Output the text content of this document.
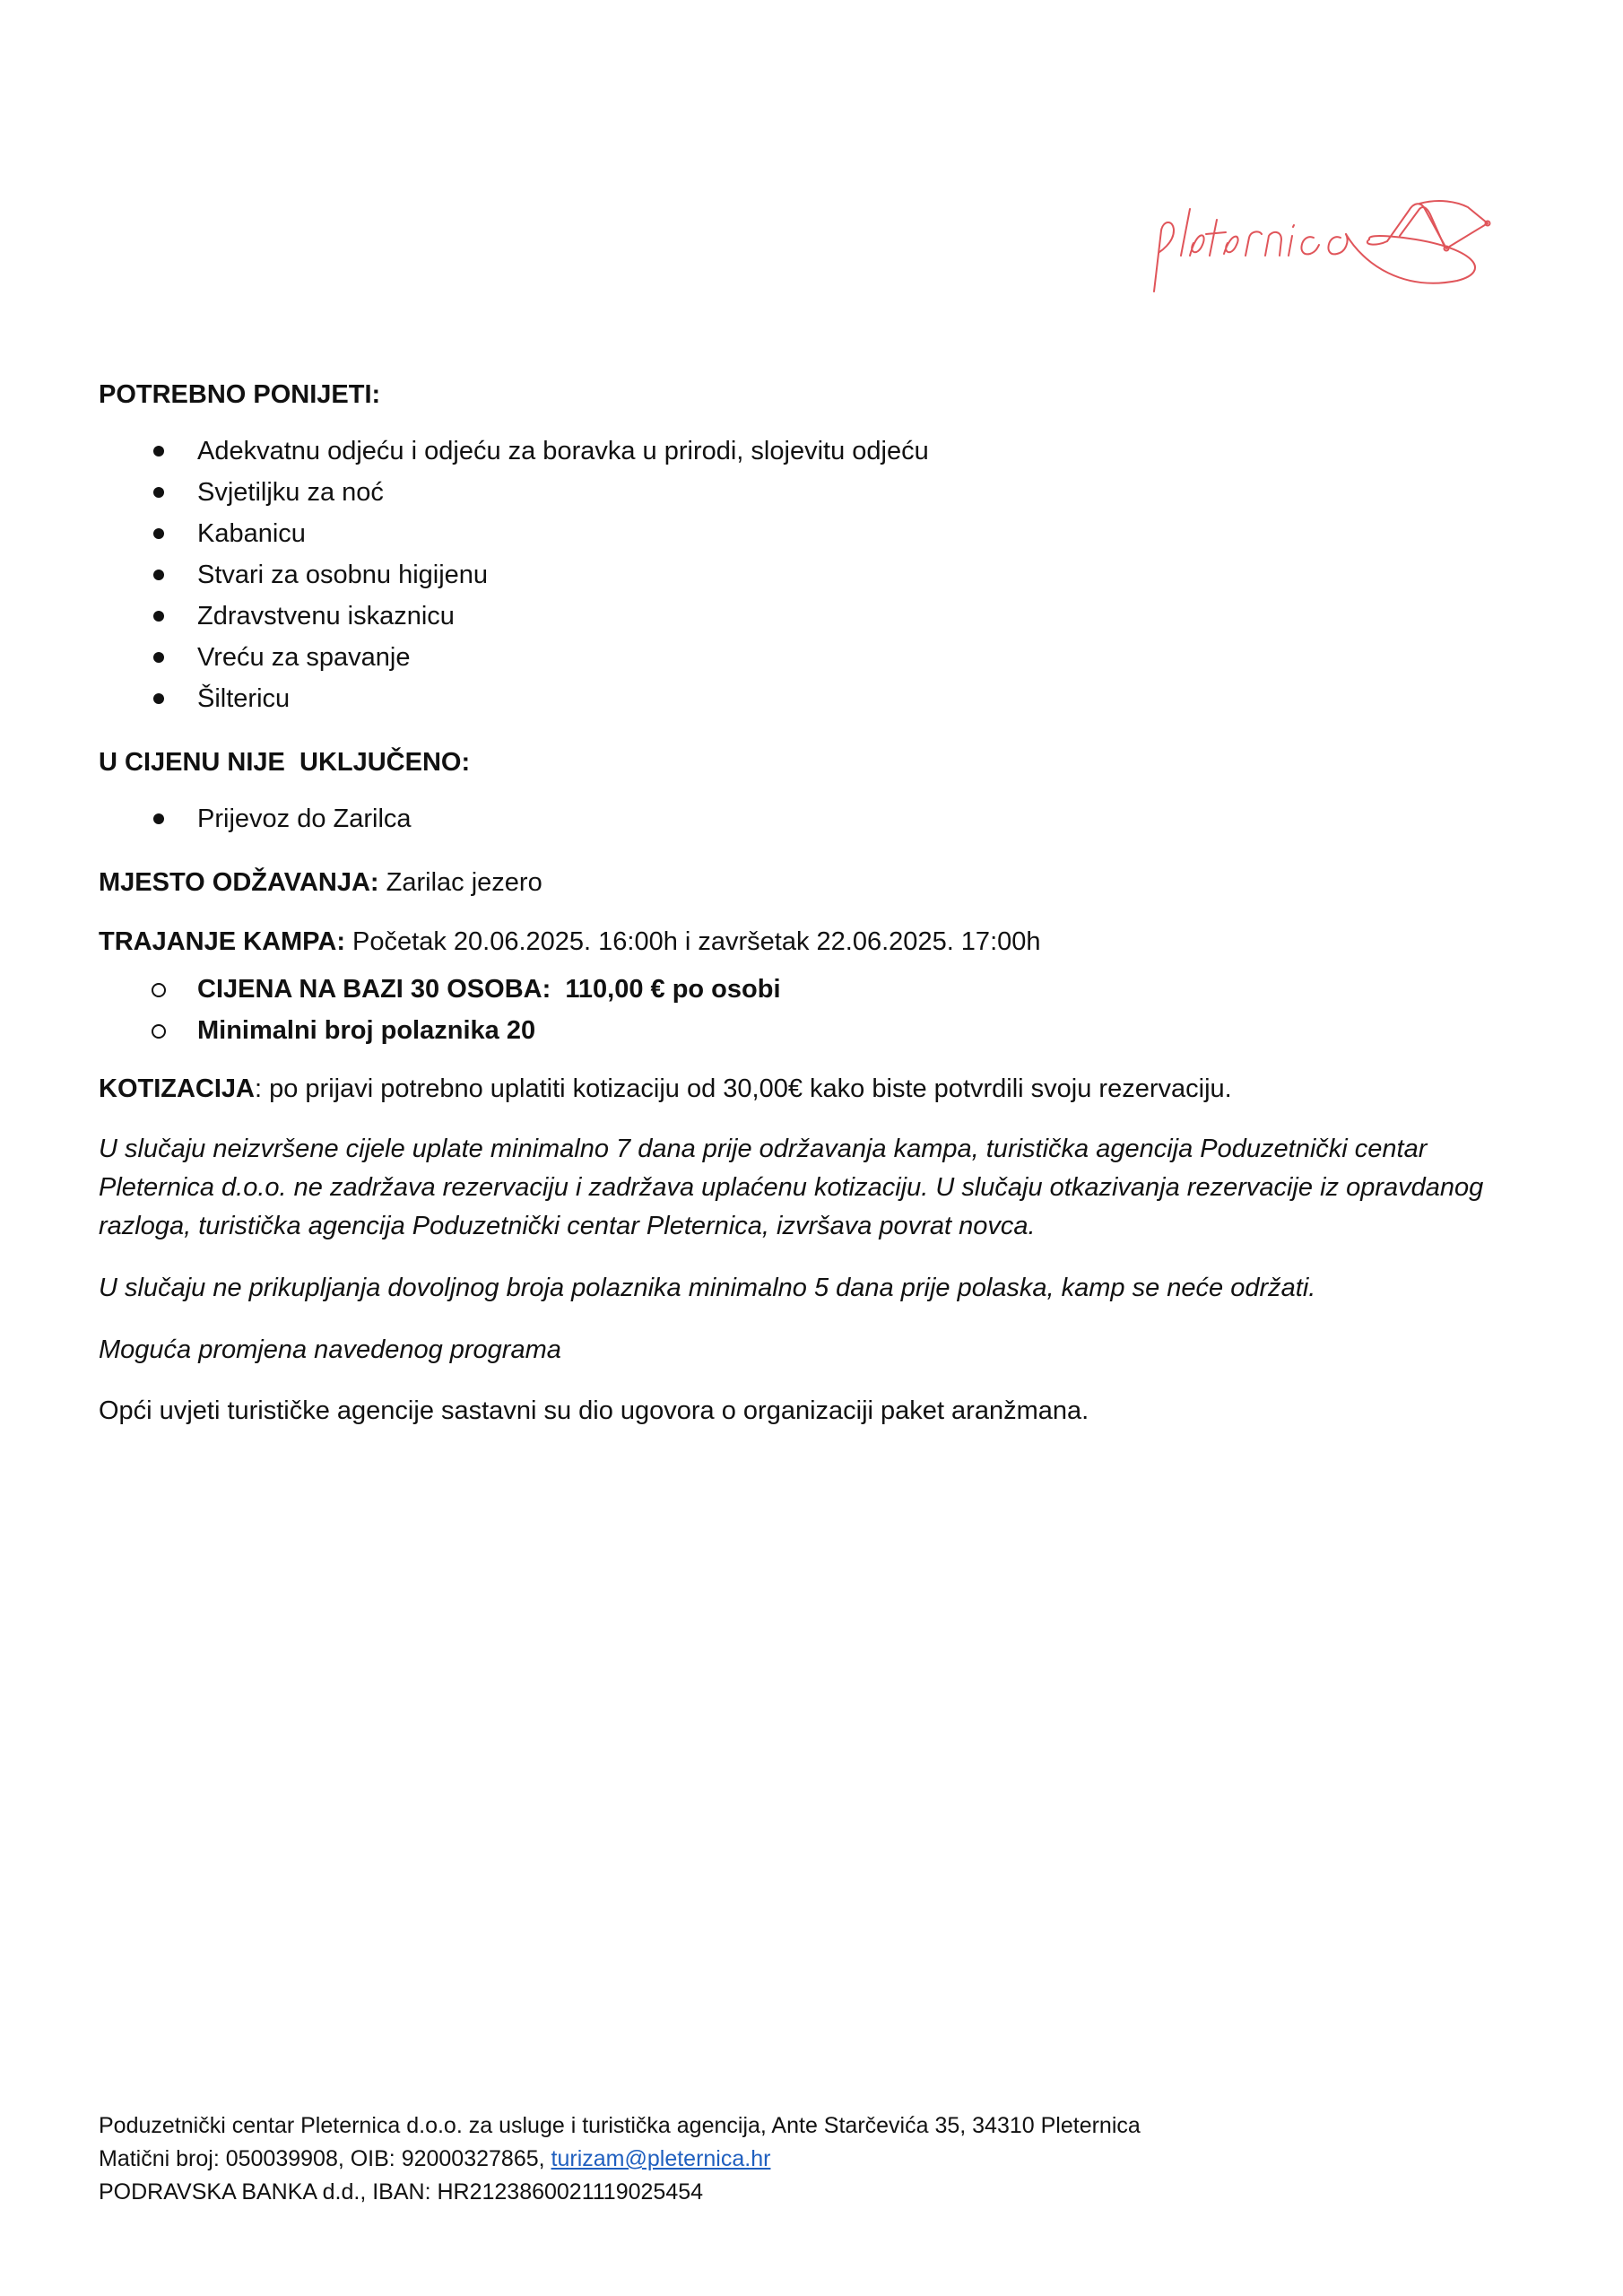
POTREBNO PONIJETI:

Adekvatnu odjeću i odjeću za boravka u prirodi, slojevitu odjeću
Svjetiljku za noć
Kabanicu
Stvari za osobnu higijenu
Zdravstvenu iskaznicu
Vreću za spavanje
Šiltericu

U CIJENU NIJE  UKLJUČENO:

Prijevoz do Zarilca

MJESTO ODŽAVANJA: Zarilac jezero

TRAJANJE KAMPA: Početak 20.06.2025. 16:00h i završetak 22.06.2025. 17:00h

CIJENA NA BAZI 30 OSOBA:  110,00 € po osobi
Minimalni broj polaznika 20

KOTIZACIJA: po prijavi potrebno uplatiti kotizaciju od 30,00€ kako biste potvrdili svoju rezervaciju.

U slučaju neizvršene cijele uplate minimalno 7 dana prije održavanja kampa, turistička agencija Poduzetnički centar Pleternica d.o.o. ne zadržava rezervaciju i zadržava uplaćenu kotizaciju. U slučaju otkazivanja rezervacije iz opravdanog razloga, turistička agencija Poduzetnički centar Pleternica, izvršava povrat novca.

U slučaju ne prikupljanja dovoljnog broja polaznika minimalno 5 dana prije polaska, kamp se neće održati.

Moguća promjena navedenog programa

Opći uvjeti turističke agencije sastavni su dio ugovora o organizaciji paket aranžmana.

Poduzetnički centar Pleternica d.o.o. za usluge i turistička agencija, Ante Starčevića 35, 34310 Pleternica
Matični broj: 050039908, OIB: 92000327865, turizam@pleternica.hr
PODRAVSKA BANKA d.d., IBAN: HR2123860021119025454
